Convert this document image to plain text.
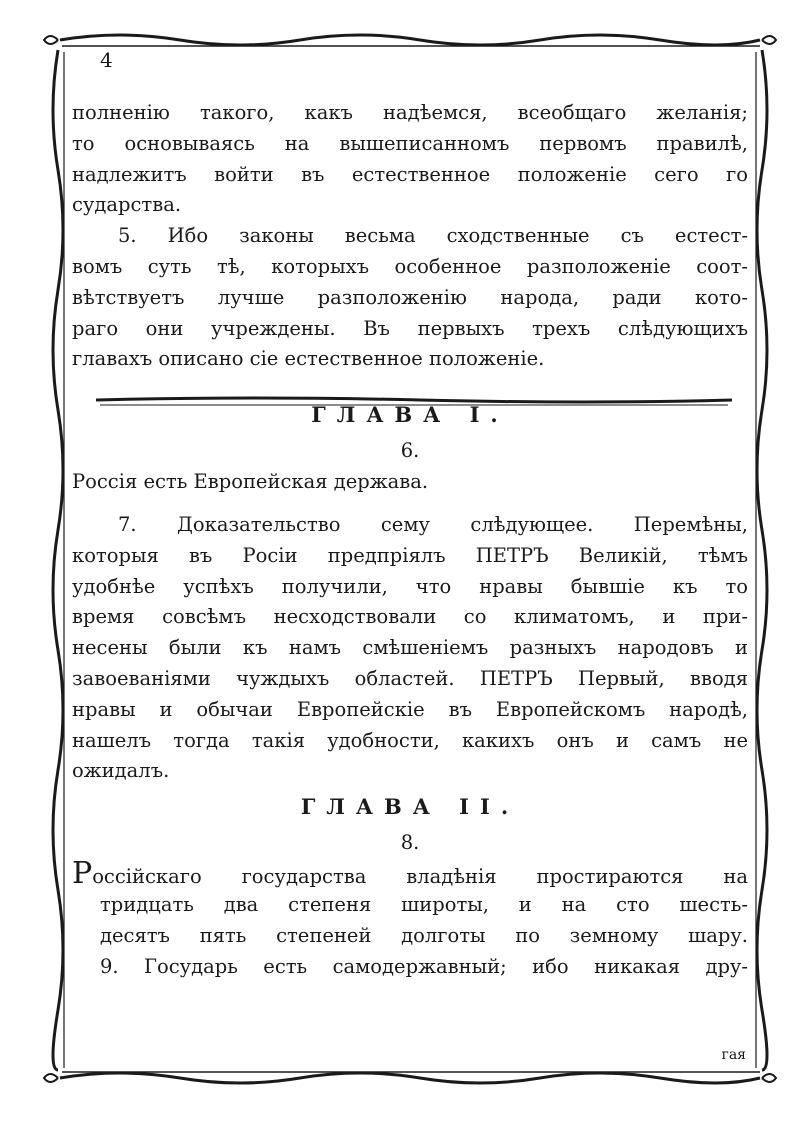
4
полненію такого, какъ надѣемся, всеобщаго желанія;
то основываясь на вышеписанномъ первомъ правилѣ,
надлежитъ войти въ естественное положеніе сего го
сударства.
5. Ибо законы весьма сходственные съ естест-
вомъ суть тѣ, которыхъ особенное разположеніе соот-
вѣтствуетъ лучше разположенію народа, ради кото-
раго они учреждены. Въ первыхъ трехъ слѣдующихъ
главахъ описано сіе естественное положеніе.
ГЛАВА I.
6.
Россія есть Европейская держава.
7. Доказательство сему слѣдующее. Перемѣны,
которыя въ Росіи предпріялъ ПЕТРЪ Великій, тѣмъ
удобнѣе успѣхъ получили, что нравы бывшіе къ то
время совсѣмъ несходствовали со климатомъ, и при-
несены были къ намъ смѣшеніемъ разныхъ народовъ и
завоеваніями чуждыхъ областей. ПЕТРЪ Первый, вводя
нравы и обычаи Европейскіе въ Европейскомъ народѣ,
нашелъ тогда такія удобности, какихъ онъ и самъ не
ожидалъ.
ГЛАВА II.
8.
Россійскаго государства владѣнія простираются на
тридцать два степеня широты, и на сто шесть-
десятъ пять степеней долготы по земному шару.
9. Государь есть самодержавный; ибо никакая дру-
гая
